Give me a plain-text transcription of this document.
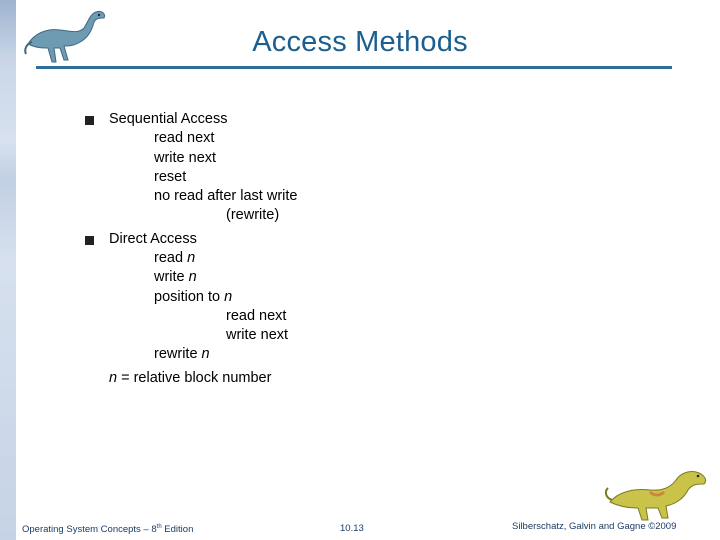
Access Methods
Sequential Access
read next
write next
reset
no read after last write
(rewrite)
Direct Access
read n
write n
position to n
read next
write next
rewrite n
n = relative block number
Operating System Concepts – 8th Edition	10.13	Silberschatz, Galvin and Gagne ©2009
